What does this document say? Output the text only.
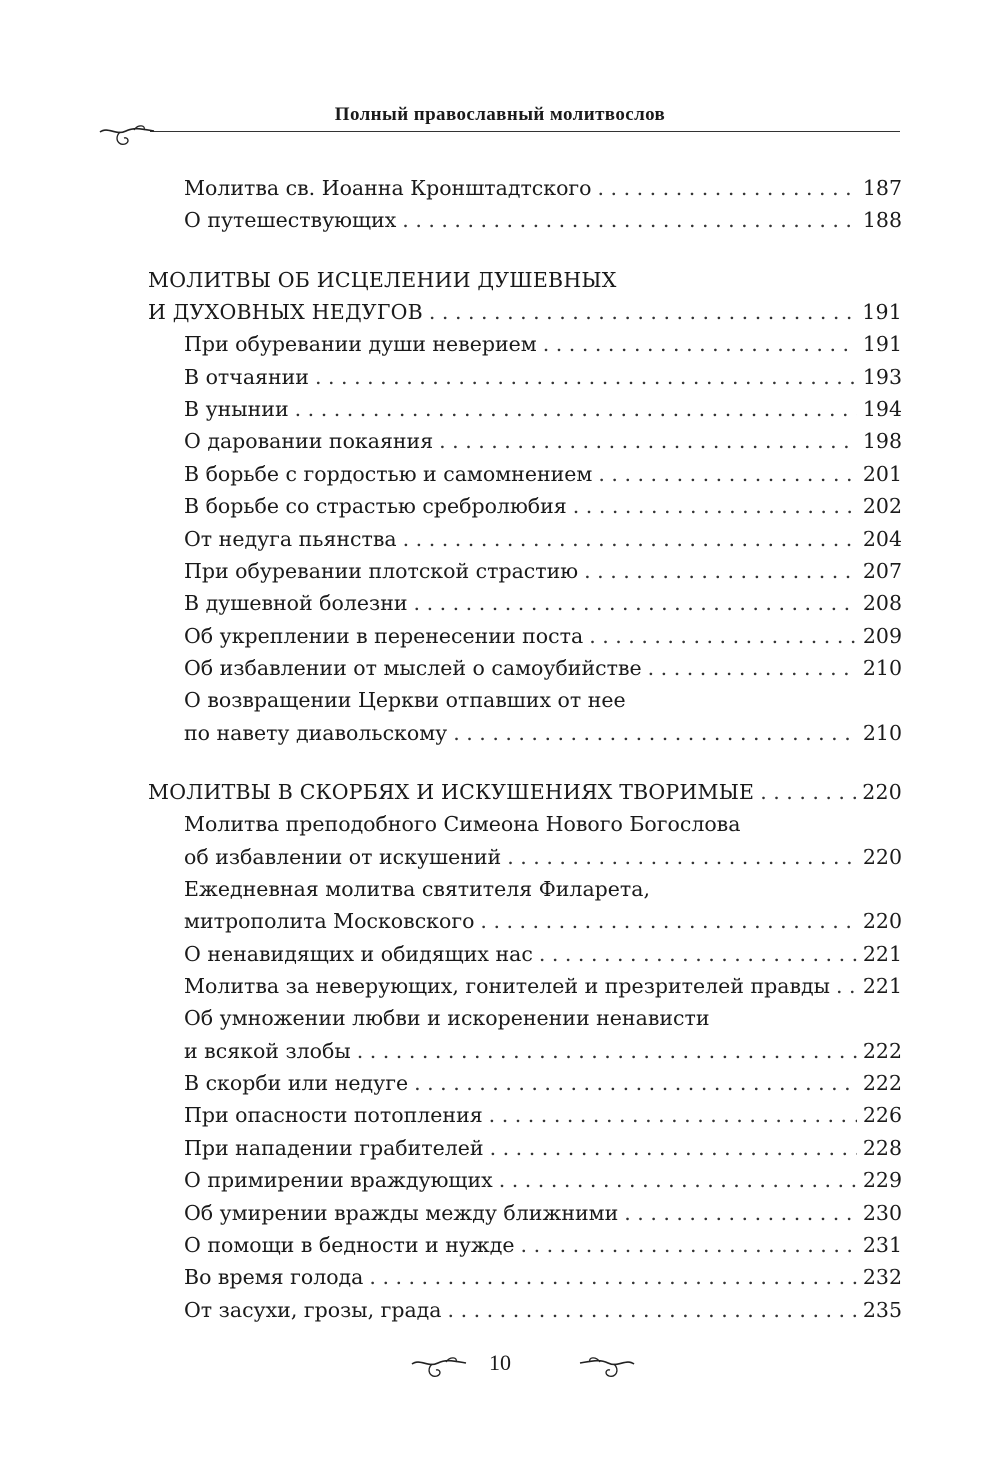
Полный православный молитвослов
Молитва св. Иоанна Кронштадтского . . .	187
О путешествующих . . .	188
МОЛИТВЫ ОБ ИСЦЕЛЕНИИ ДУШЕВНЫХ
И ДУХОВНЫХ НЕДУГОВ . . .	191
При обуревании души неверием . . .	191
В отчаянии . . .	193
В унынии . . .	194
О даровании покаяния . . .	198
В борьбе с гордостью и самомнением . . .	201
В борьбе со страстью сребролюбия . . .	202
От недуга пьянства . . .	204
При обуревании плотской страстию . . .	207
В душевной болезни . . .	208
Об укреплении в перенесении поста . . .	209
Об избавлении от мыслей о самоубийстве . . .	210
О возвращении Церкви отпавших от нее
по навету диавольскому . . .	210
МОЛИТВЫ В СКОРБЯХ И ИСКУШЕНИЯХ ТВОРИМЫЕ . . .	220
Молитва преподобного Симеона Нового Богослова
об избавлении от искушений . . .	220
Ежедневная молитва святителя Филарета,
митрополита Московского . . .	220
О ненавидящих и обидящих нас . . .	221
Молитва за неверующих, гонителей и презрителей правды . . . 221
Об умножении любви и искоренении ненависти
и всякой злобы . . .	222
В скорби или недуге . . .	222
При опасности потопления . . .	226
При нападении грабителей . . .	228
О примирении враждующих . . .	229
Об умирении вражды между ближними . . .	230
О помощи в бедности и нужде . . .	231
Во время голода . . .	232
От засухи, грозы, града . . .	235
10
